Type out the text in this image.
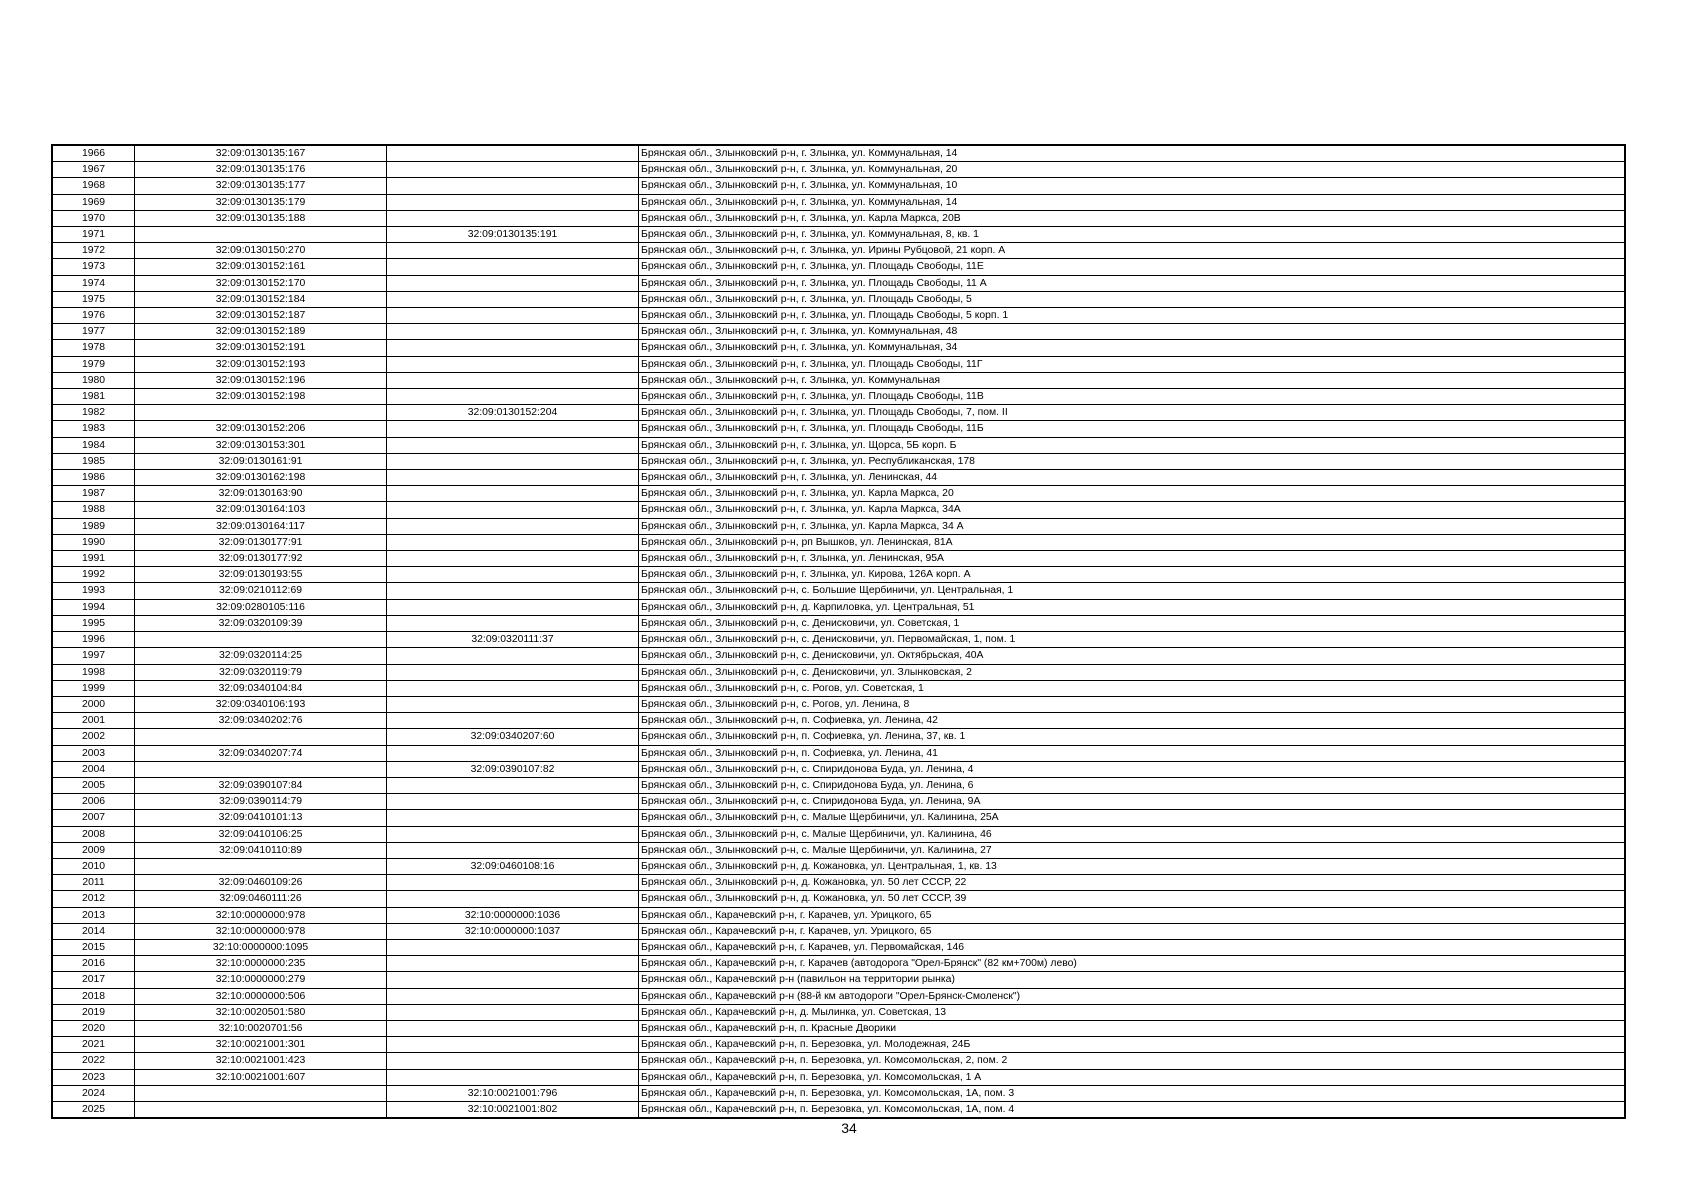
1966	32:09:0130135:167		Брянская обл., Злынковский р-н, г. Злынка, ул. Коммунальная, 14
1967	32:09:0130135:176		Брянская обл., Злынковский р-н, г. Злынка, ул. Коммунальная, 20
1968	32:09:0130135:177		Брянская обл., Злынковский р-н, г. Злынка, ул. Коммунальная, 10
1969	32:09:0130135:179		Брянская обл., Злынковский р-н, г. Злынка, ул. Коммунальная, 14
1970	32:09:0130135:188		Брянская обл., Злынковский р-н, г. Злынка, ул. Карла Маркса, 20В
1971		32:09:0130135:191	Брянская обл., Злынковский р-н, г. Злынка, ул. Коммунальная, 8, кв. 1
1972	32:09:0130150:270		Брянская обл., Злынковский р-н, г. Злынка, ул. Ирины Рубцовой, 21 корп. А
1973	32:09:0130152:161		Брянская обл., Злынковский р-н, г. Злынка, ул. Площадь Свободы, 11Е
1974	32:09:0130152:170		Брянская обл., Злынковский р-н, г. Злынка, ул. Площадь Свободы, 11 А
1975	32:09:0130152:184		Брянская обл., Злынковский р-н, г. Злынка, ул. Площадь Свободы, 5
1976	32:09:0130152:187		Брянская обл., Злынковский р-н, г. Злынка, ул. Площадь Свободы, 5 корп. 1
1977	32:09:0130152:189		Брянская обл., Злынковский р-н, г. Злынка, ул. Коммунальная, 48
1978	32:09:0130152:191		Брянская обл., Злынковский р-н, г. Злынка, ул. Коммунальная, 34
1979	32:09:0130152:193		Брянская обл., Злынковский р-н, г. Злынка, ул. Площадь Свободы, 11Г
1980	32:09:0130152:196		Брянская обл., Злынковский р-н, г. Злынка, ул. Коммунальная
1981	32:09:0130152:198		Брянская обл., Злынковский р-н, г. Злынка, ул. Площадь Свободы, 11В
1982		32:09:0130152:204	Брянская обл., Злынковский р-н, г. Злынка, ул. Площадь Свободы, 7, пом. II
1983	32:09:0130152:206		Брянская обл., Злынковский р-н, г. Злынка, ул. Площадь Свободы, 11Б
1984	32:09:0130153:301		Брянская обл., Злынковский р-н, г. Злынка, ул. Щорса, 5Б корп. Б
1985	32:09:0130161:91		Брянская обл., Злынковский р-н, г. Злынка, ул. Республиканская, 178
1986	32:09:0130162:198		Брянская обл., Злынковский р-н, г. Злынка, ул. Ленинская, 44
1987	32:09:0130163:90		Брянская обл., Злынковский р-н, г. Злынка, ул. Карла Маркса, 20
1988	32:09:0130164:103		Брянская обл., Злынковский р-н, г. Злынка, ул. Карла Маркса, 34А
1989	32:09:0130164:117		Брянская обл., Злынковский р-н, г. Злынка, ул. Карла Маркса, 34 А
1990	32:09:0130177:91		Брянская обл., Злынковский р-н, рп Вышков, ул. Ленинская, 81А
1991	32:09:0130177:92		Брянская обл., Злынковский р-н, г. Злынка, ул. Ленинская, 95А
1992	32:09:0130193:55		Брянская обл., Злынковский р-н, г. Злынка, ул. Кирова, 126А корп. А
1993	32:09:0210112:69		Брянская обл., Злынковский р-н, с. Большие Щербиничи, ул. Центральная, 1
1994	32:09:0280105:116		Брянская обл., Злынковский р-н, д. Карпиловка, ул. Центральная, 51
1995	32:09:0320109:39		Брянская обл., Злынковский р-н, с. Денисковичи, ул. Советская, 1
1996		32:09:0320111:37	Брянская обл., Злынковский р-н, с. Денисковичи, ул. Первомайская, 1, пом. 1
1997	32:09:0320114:25		Брянская обл., Злынковский р-н, с. Денисковичи, ул. Октябрьская, 40А
1998	32:09:0320119:79		Брянская обл., Злынковский р-н, с. Денисковичи, ул. Злынковская, 2
1999	32:09:0340104:84		Брянская обл., Злынковский р-н, с. Рогов, ул. Советская, 1
2000	32:09:0340106:193		Брянская обл., Злынковский р-н, с. Рогов, ул. Ленина, 8
2001	32:09:0340202:76		Брянская обл., Злынковский р-н, п. Софиевка, ул. Ленина, 42
2002		32:09:0340207:60	Брянская обл., Злынковский р-н, п. Софиевка, ул. Ленина, 37, кв. 1
2003	32:09:0340207:74		Брянская обл., Злынковский р-н, п. Софиевка, ул. Ленина, 41
2004		32:09:0390107:82	Брянская обл., Злынковский р-н, с. Спиридонова Буда, ул. Ленина, 4
2005	32:09:0390107:84		Брянская обл., Злынковский р-н, с. Спиридонова Буда, ул. Ленина, 6
2006	32:09:0390114:79		Брянская обл., Злынковский р-н, с. Спиридонова Буда, ул. Ленина, 9А
2007	32:09:0410101:13		Брянская обл., Злынковский р-н, с. Малые Щербиничи, ул. Калинина, 25А
2008	32:09:0410106:25		Брянская обл., Злынковский р-н, с. Малые Щербиничи, ул. Калинина, 46
2009	32:09:0410110:89		Брянская обл., Злынковский р-н, с. Малые Щербиничи, ул. Калинина, 27
2010		32:09:0460108:16	Брянская обл., Злынковский р-н, д. Кожановка, ул. Центральная, 1, кв. 13
2011	32:09:0460109:26		Брянская обл., Злынковский р-н, д. Кожановка, ул. 50 лет СССР, 22
2012	32:09:0460111:26		Брянская обл., Злынковский р-н, д. Кожановка, ул. 50 лет СССР, 39
2013	32:10:0000000:978	32:10:0000000:1036	Брянская обл., Карачевский р-н, г. Карачев, ул. Урицкого, 65
2014	32:10:0000000:978	32:10:0000000:1037	Брянская обл., Карачевский р-н, г. Карачев, ул. Урицкого, 65
2015	32:10:0000000:1095		Брянская обл., Карачевский р-н, г. Карачев, ул. Первомайская, 146
2016	32:10:0000000:235		Брянская обл., Карачевский р-н, г. Карачев (автодорога "Орел-Брянск" (82 км+700м) лево)
2017	32:10:0000000:279		Брянская обл., Карачевский р-н (павильон на территории рынка)
2018	32:10:0000000:506		Брянская обл., Карачевский р-н (88-й км автодороги "Орел-Брянск-Смоленск")
2019	32:10:0020501:580		Брянская обл., Карачевский р-н, д. Мылинка, ул. Советская, 13
2020	32:10:0020701:56		Брянская обл., Карачевский р-н, п. Красные Дворики
2021	32:10:0021001:301		Брянская обл., Карачевский р-н, п. Березовка, ул. Молодежная, 24Б
2022	32:10:0021001:423		Брянская обл., Карачевский р-н, п. Березовка, ул. Комсомольская, 2, пом. 2
2023	32:10:0021001:607		Брянская обл., Карачевский р-н, п. Березовка, ул. Комсомольская, 1 А
2024		32:10:0021001:796	Брянская обл., Карачевский р-н, п. Березовка, ул. Комсомольская, 1А, пом. 3
2025		32:10:0021001:802	Брянская обл., Карачевский р-н, п. Березовка, ул. Комсомольская, 1А, пом. 4
34
